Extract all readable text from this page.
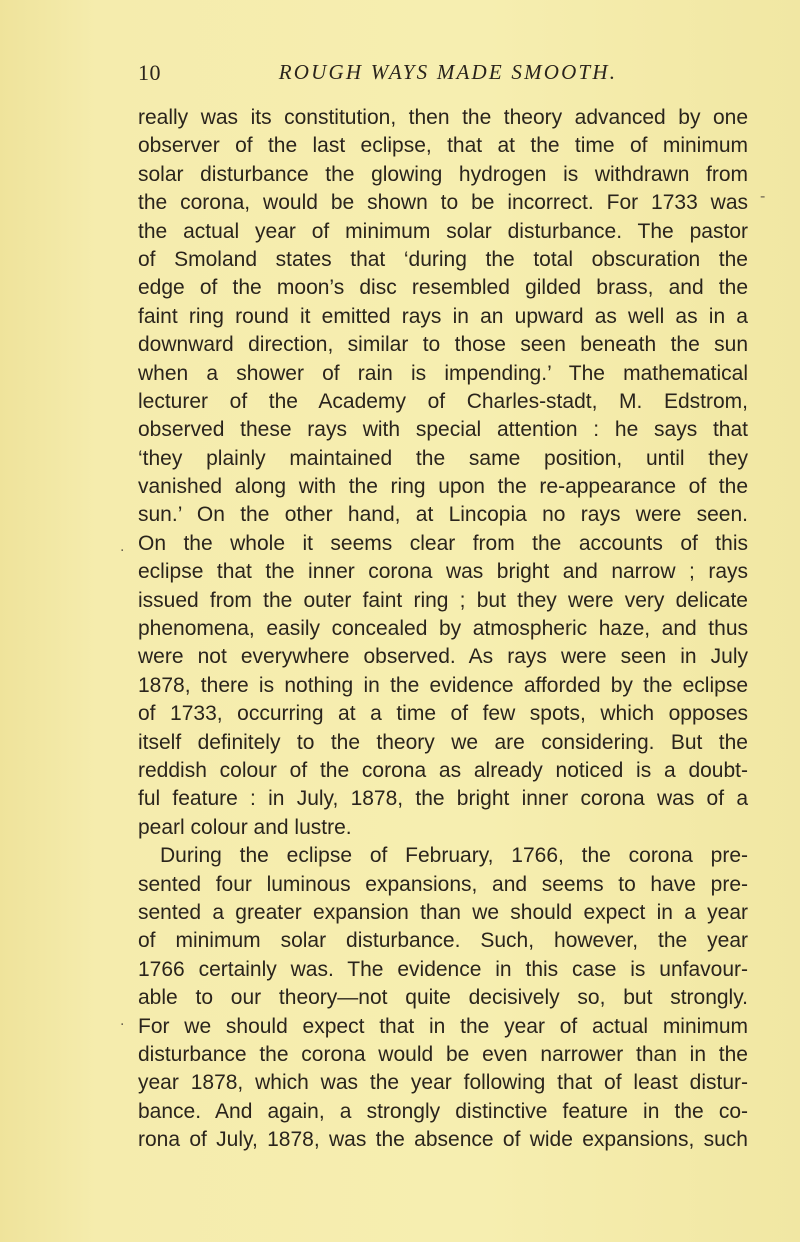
10	ROUGH WAYS MADE SMOOTH.
really was its constitution, then the theory advanced by one
observer of the last eclipse, that at the time of minimum
solar disturbance the glowing hydrogen is withdrawn from
the corona, would be shown to be incorrect. For 1733 was
the actual year of minimum solar disturbance. The pastor
of Smoland states that ‘during the total obscuration the
edge of the moon’s disc resembled gilded brass, and the
faint ring round it emitted rays in an upward as well as in a
downward direction, similar to those seen beneath the sun
when a shower of rain is impending.’ The mathematical
lecturer of the Academy of Charles-stadt, M. Edstrom,
observed these rays with special attention : he says that
‘they plainly maintained the same position, until they
vanished along with the ring upon the re-appearance of the
sun.’ On the other hand, at Lincopia no rays were seen.
On the whole it seems clear from the accounts of this
eclipse that the inner corona was bright and narrow ; rays
issued from the outer faint ring ; but they were very delicate
phenomena, easily concealed by atmospheric haze, and thus
were not everywhere observed. As rays were seen in July
1878, there is nothing in the evidence afforded by the eclipse
of 1733, occurring at a time of few spots, which opposes
itself definitely to the theory we are considering. But the
reddish colour of the corona as already noticed is a doubt-
ful feature : in July, 1878, the bright inner corona was of a
pearl colour and lustre.
During the eclipse of February, 1766, the corona pre-
sented four luminous expansions, and seems to have pre-
sented a greater expansion than we should expect in a year
of minimum solar disturbance. Such, however, the year
1766 certainly was. The evidence in this case is unfavour-
able to our theory—not quite decisively so, but strongly.
For we should expect that in the year of actual minimum
disturbance the corona would be even narrower than in the
year 1878, which was the year following that of least distur-
bance. And again, a strongly distinctive feature in the co-
rona of July, 1878, was the absence of wide expansions, such
-
.
.
